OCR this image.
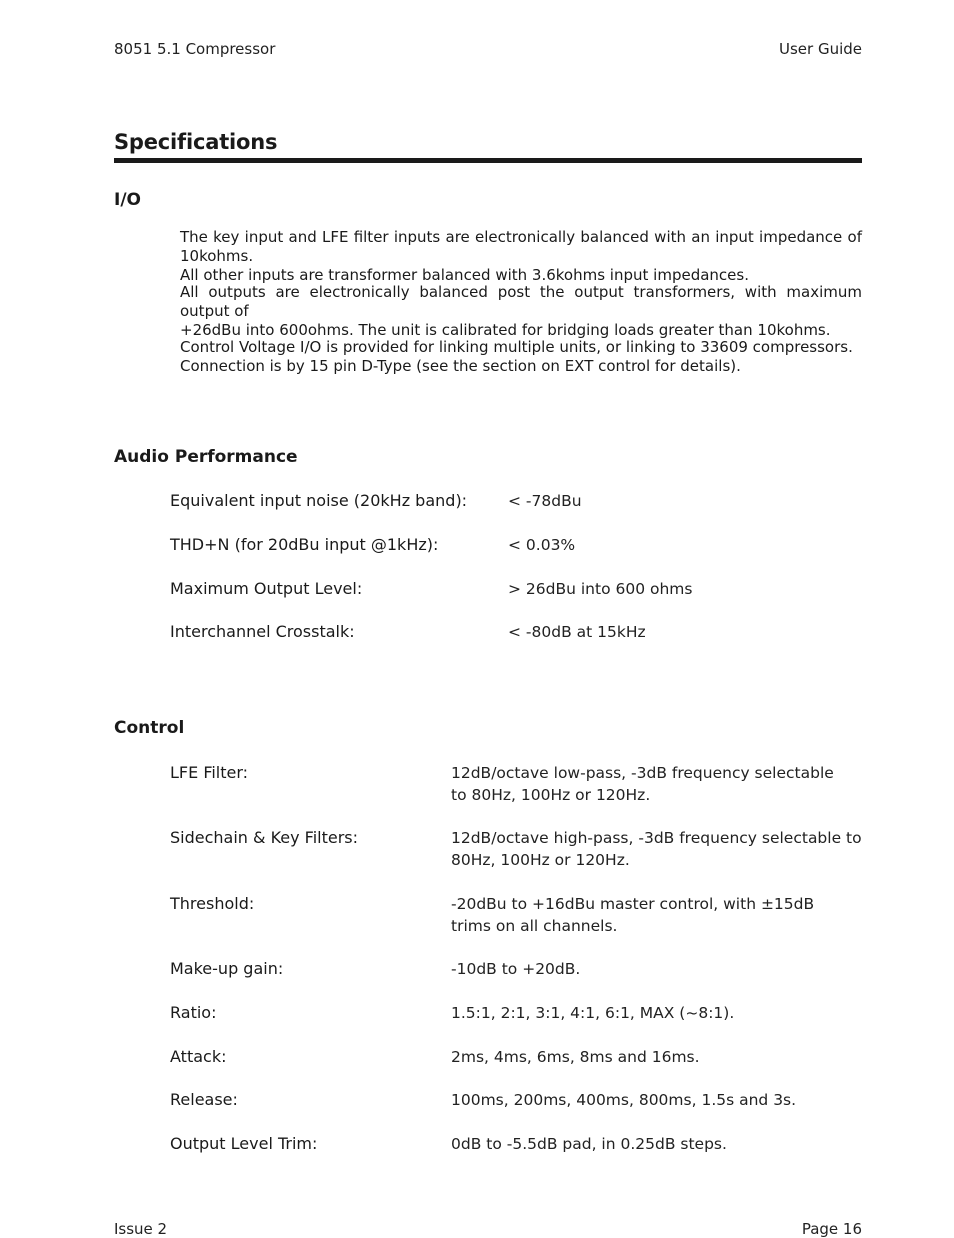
8051 5.1 Compressor	User Guide
Specifications
I/O

The key input and LFE filter inputs are electronically balanced with an input impedance of 10kohms.
All other inputs are transformer balanced with 3.6kohms input impedances.

All outputs are electronically balanced post the output transformers, with maximum output of
+26dBu into 600ohms. The unit is calibrated for bridging loads greater than 10kohms.

Control Voltage I/O is provided for linking multiple units, or linking to 33609 compressors.
Connection is by 15 pin D-Type (see the section on EXT control for details).

Audio Performance
Equivalent input noise (20kHz band):	< -78dBu
THD+N (for 20dBu input @1kHz):	< 0.03%
Maximum Output Level:	> 26dBu into 600 ohms
Interchannel Crosstalk:	< -80dB at 15kHz
Control
LFE Filter:	12dB/octave low-pass, -3dB frequency selectable
to 80Hz, 100Hz or 120Hz.
Sidechain & Key Filters:	12dB/octave high-pass, -3dB frequency selectable to
80Hz, 100Hz or 120Hz.
Threshold:	-20dBu to +16dBu master control, with ±15dB
trims on all channels.
Make-up gain:	-10dB to +20dB.
Ratio:	1.5:1, 2:1, 3:1, 4:1, 6:1, MAX (~8:1).
Attack:	2ms, 4ms, 6ms, 8ms and 16ms.
Release:	100ms, 200ms, 400ms, 800ms, 1.5s and 3s.
Output Level Trim:	0dB to -5.5dB pad, in 0.25dB steps.
Issue 2	Page 16
